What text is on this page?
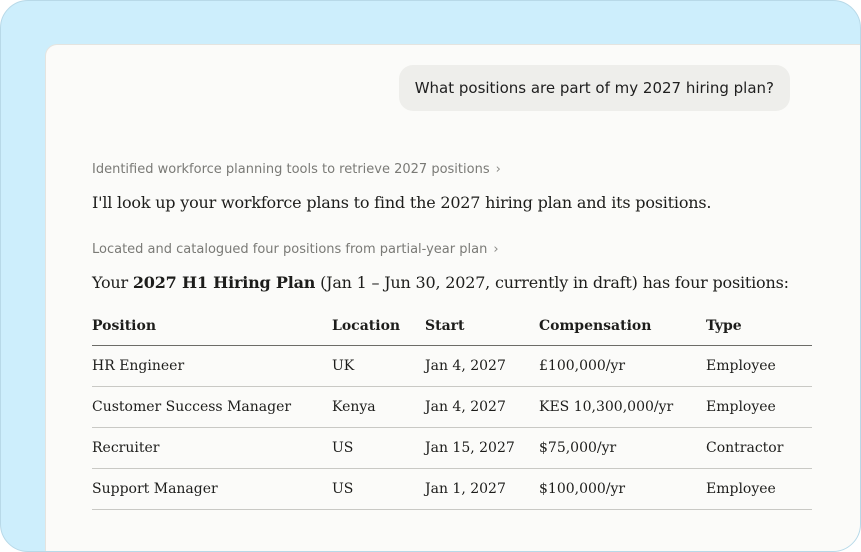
What positions are part of my 2027 hiring plan?
Identified workforce planning tools to retrieve 2027 positions ›
I'll look up your workforce plans to find the 2027 hiring plan and its positions.
Located and catalogued four positions from partial-year plan ›
Your 2027 H1 Hiring Plan (Jan 1 – Jun 30, 2027, currently in draft) has four positions:
Position	Location	Start	Compensation	Type
HR Engineer	UK	Jan 4, 2027	£100,000/yr	Employee
Customer Success Manager	Kenya	Jan 4, 2027	KES 10,300,000/yr	Employee
Recruiter	US	Jan 15, 2027	$75,000/yr	Contractor
Support Manager	US	Jan 1, 2027	$100,000/yr	Employee
